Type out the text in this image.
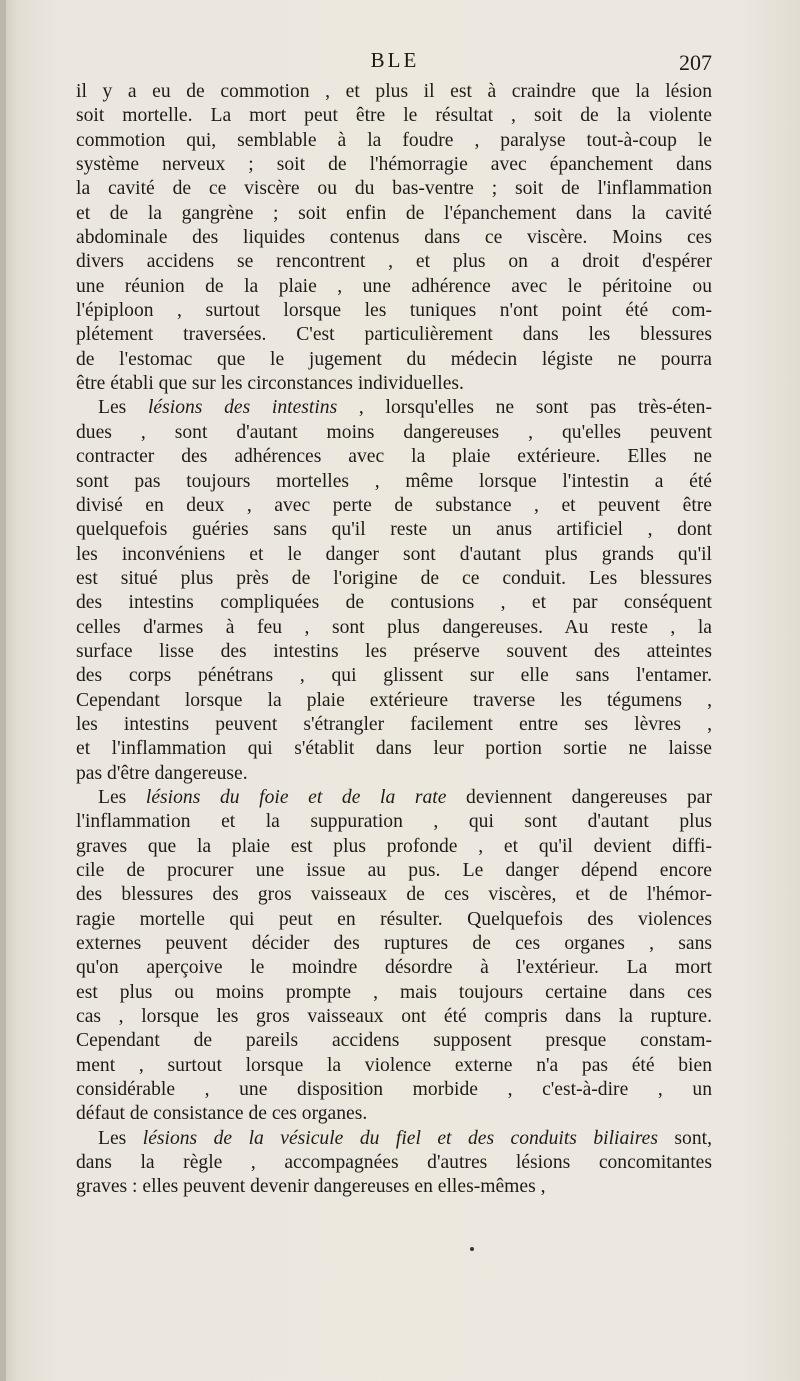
BLE	207
il y a eu de commotion , et plus il est à craindre que la lésion
soit mortelle. La mort peut être le résultat , soit de la violente
commotion qui, semblable à la foudre , paralyse tout-à-coup le
système nerveux ; soit de l'hémorragie avec épanchement dans
la cavité de ce viscère ou du bas-ventre ; soit de l'inflammation
et de la gangrène ; soit enfin de l'épanchement dans la cavité
abdominale des liquides contenus dans ce viscère. Moins ces
divers accidens se rencontrent , et plus on a droit d'espérer
une réunion de la plaie , une adhérence avec le péritoine ou
l'épiploon , surtout lorsque les tuniques n'ont point été com-
plétement traversées. C'est particulièrement dans les blessures
de l'estomac que le jugement du médecin légiste ne pourra
être établi que sur les circonstances individuelles.
Les lésions des intestins , lorsqu'elles ne sont pas très-éten-
dues , sont d'autant moins dangereuses , qu'elles peuvent
contracter des adhérences avec la plaie extérieure. Elles ne
sont pas toujours mortelles , même lorsque l'intestin a été
divisé en deux , avec perte de substance , et peuvent être
quelquefois guéries sans qu'il reste un anus artificiel , dont
les inconvéniens et le danger sont d'autant plus grands qu'il
est situé plus près de l'origine de ce conduit. Les blessures
des intestins compliquées de contusions , et par conséquent
celles d'armes à feu , sont plus dangereuses. Au reste , la
surface lisse des intestins les préserve souvent des atteintes
des corps pénétrans , qui glissent sur elle sans l'entamer.
Cependant lorsque la plaie extérieure traverse les tégumens ,
les intestins peuvent s'étrangler facilement entre ses lèvres ,
et l'inflammation qui s'établit dans leur portion sortie ne laisse
pas d'être dangereuse.
Les lésions du foie et de la rate deviennent dangereuses par
l'inflammation et la suppuration , qui sont d'autant plus
graves que la plaie est plus profonde , et qu'il devient diffi-
cile de procurer une issue au pus. Le danger dépend encore
des blessures des gros vaisseaux de ces viscères, et de l'hémor-
ragie mortelle qui peut en résulter. Quelquefois des violences
externes peuvent décider des ruptures de ces organes , sans
qu'on aperçoive le moindre désordre à l'extérieur. La mort
est plus ou moins prompte , mais toujours certaine dans ces
cas , lorsque les gros vaisseaux ont été compris dans la rupture.
Cependant de pareils accidens supposent presque constam-
ment , surtout lorsque la violence externe n'a pas été bien
considérable , une disposition morbide , c'est-à-dire , un
défaut de consistance de ces organes.
Les lésions de la vésicule du fiel et des conduits biliaires sont,
dans la règle , accompagnées d'autres lésions concomitantes
graves : elles peuvent devenir dangereuses en elles-mêmes ,
